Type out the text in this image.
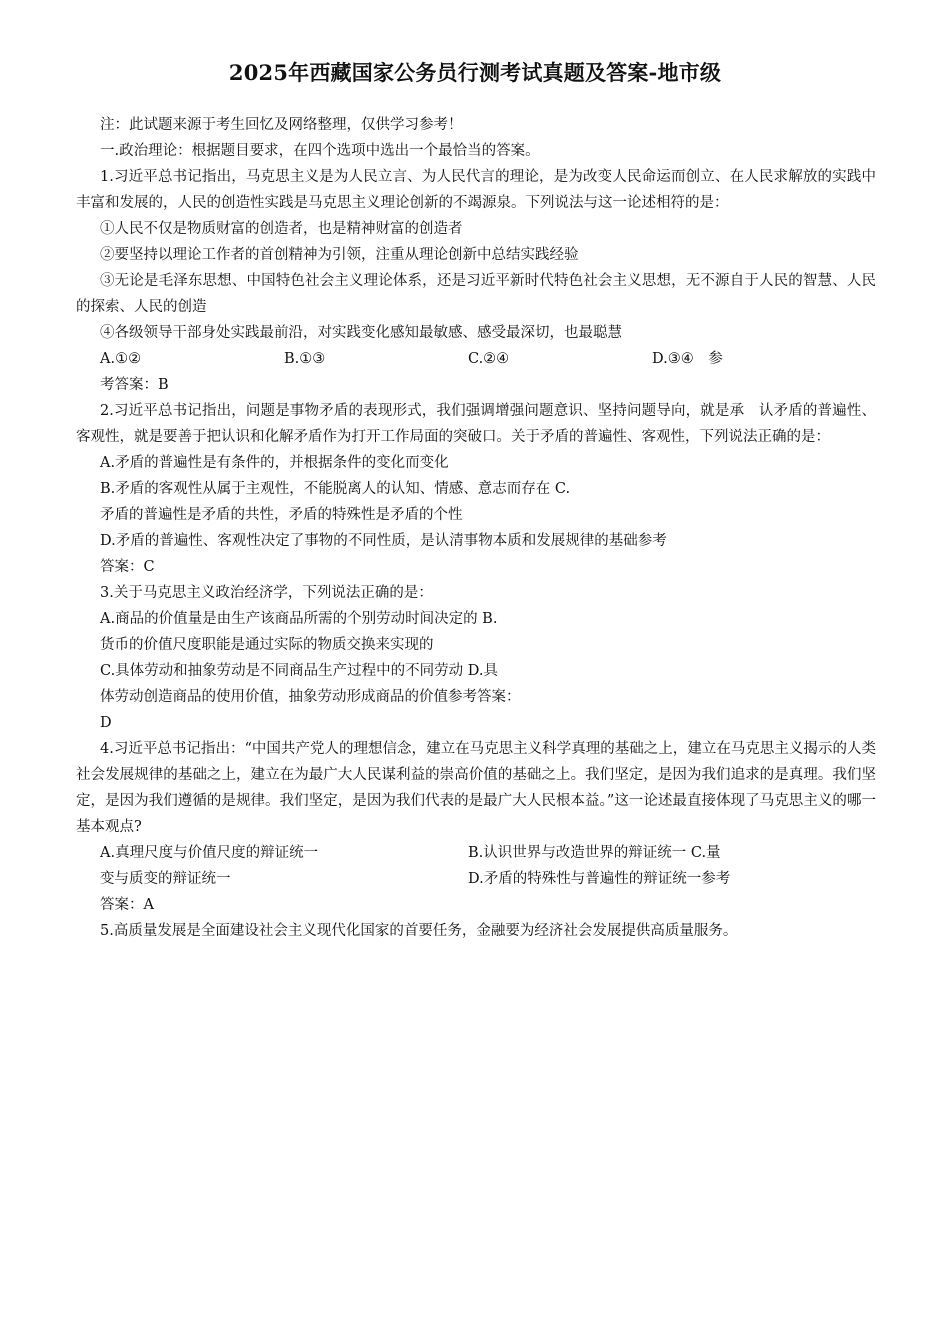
2025年西藏国家公务员行测考试真题及答案-地市级

注：此试题来源于考生回忆及网络整理，仅供学习参考！

一.政治理论：根据题目要求，在四个选项中选出一个最恰当的答案。

1.习近平总书记指出，马克思主义是为人民立言、为人民代言的理论，是为改变人民命运而创立、在人民求解放的实践中丰富和发展的，人民的创造性实践是马克思主义理论创新的不竭源泉。下列说法与这一论述相符的是：

①人民不仅是物质财富的创造者，也是精神财富的创造者

②要坚持以理论工作者的首创精神为引领，注重从理论创新中总结实践经验

③无论是毛泽东思想、中国特色社会主义理论体系，还是习近平新时代特色社会主义思想，无不源自于人民的智慧、人民的探索、人民的创造

④各级领导干部身处实践最前沿，对实践变化感知最敏感、感受最深切，也最聪慧

A.①②	B.①③	C.②④	D.③④　参

考答案：B

2.习近平总书记指出，问题是事物矛盾的表现形式，我们强调增强问题意识、坚持问题导向，就是承　认矛盾的普遍性、客观性，就是要善于把认识和化解矛盾作为打开工作局面的突破口。关于矛盾的普遍性、客观性，下列说法正确的是：

A.矛盾的普遍性是有条件的，并根据条件的变化而变化

B.矛盾的客观性从属于主观性，不能脱离人的认知、情感、意志而存在 C.

矛盾的普遍性是矛盾的共性，矛盾的特殊性是矛盾的个性

D.矛盾的普遍性、客观性决定了事物的不同性质，是认清事物本质和发展规律的基础参考

答案：C

3.关于马克思主义政治经济学，下列说法正确的是：

A.商品的价值量是由生产该商品所需的个别劳动时间决定的 B.

货币的价值尺度职能是通过实际的物质交换来实现的

C.具体劳动和抽象劳动是不同商品生产过程中的不同劳动 D.具

体劳动创造商品的使用价值，抽象劳动形成商品的价值参考答案：

D

4.习近平总书记指出：“中国共产党人的理想信念，建立在马克思主义科学真理的基础之上，建立在马克思主义揭示的人类社会发展规律的基础之上，建立在为最广大人民谋利益的崇高价值的基础之上。我们坚定，是因为我们追求的是真理。我们坚定，是因为我们遵循的是规律。我们坚定，是因为我们代表的是最广大人民根本益。”这一论述最直接体现了马克思主义的哪一基本观点?

A.真理尺度与价值尺度的辩证统一	B.认识世界与改造世界的辩证统一 C.量
变与质变的辩证统一	D.矛盾的特殊性与普遍性的辩证统一参考

答案：A

5.高质量发展是全面建设社会主义现代化国家的首要任务，金融要为经济社会发展提供高质量服务。
